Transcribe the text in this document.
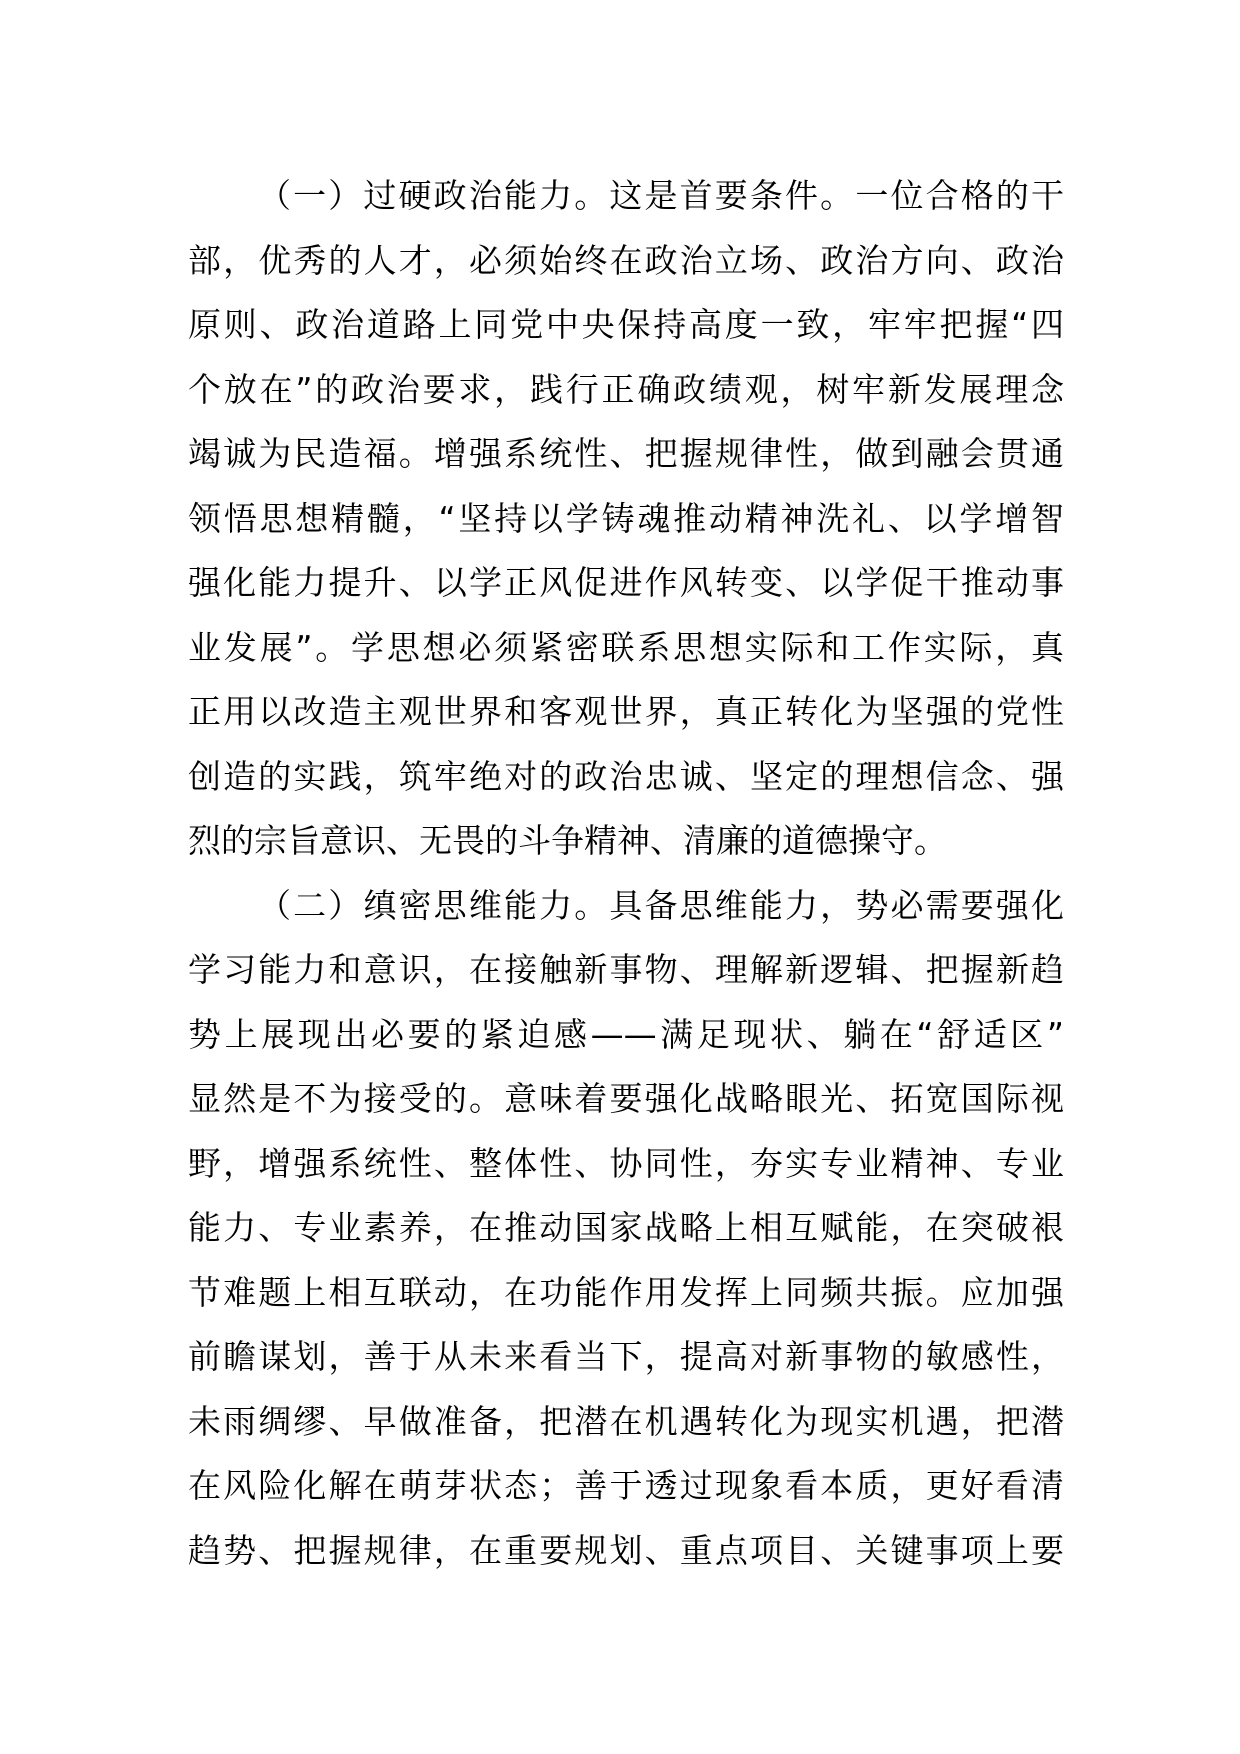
（一）过硬政治能力。这是首要条件。一位合格的干
部，优秀的人才，必须始终在政治立场、政治方向、政治
原则、政治道路上同党中央保持高度一致，牢牢把握“四
个放在”的政治要求，践行正确政绩观，树牢新发展理念
竭诚为民造福。增强系统性、把握规律性，做到融会贯通
领悟思想精髓，“坚持以学铸魂推动精神洗礼、以学增智
强化能力提升、以学正风促进作风转变、以学促干推动事
业发展”。学思想必须紧密联系思想实际和工作实际，真
正用以改造主观世界和客观世界，真正转化为坚强的党性
创造的实践，筑牢绝对的政治忠诚、坚定的理想信念、强
烈的宗旨意识、无畏的斗争精神、清廉的道德操守。
（二）缜密思维能力。具备思维能力，势必需要强化
学习能力和意识，在接触新事物、理解新逻辑、把握新趋
势上展现出必要的紧迫感——满足现状、躺在“舒适区”
显然是不为接受的。意味着要强化战略眼光、拓宽国际视
野，增强系统性、整体性、协同性，夯实专业精神、专业
能力、专业素养，在推动国家战略上相互赋能，在突破裉
节难题上相互联动，在功能作用发挥上同频共振。应加强
前瞻谋划，善于从未来看当下，提高对新事物的敏感性，
未雨绸缪、早做准备，把潜在机遇转化为现实机遇，把潜
在风险化解在萌芽状态；善于透过现象看本质，更好看清
趋势、把握规律，在重要规划、重点项目、关键事项上要
